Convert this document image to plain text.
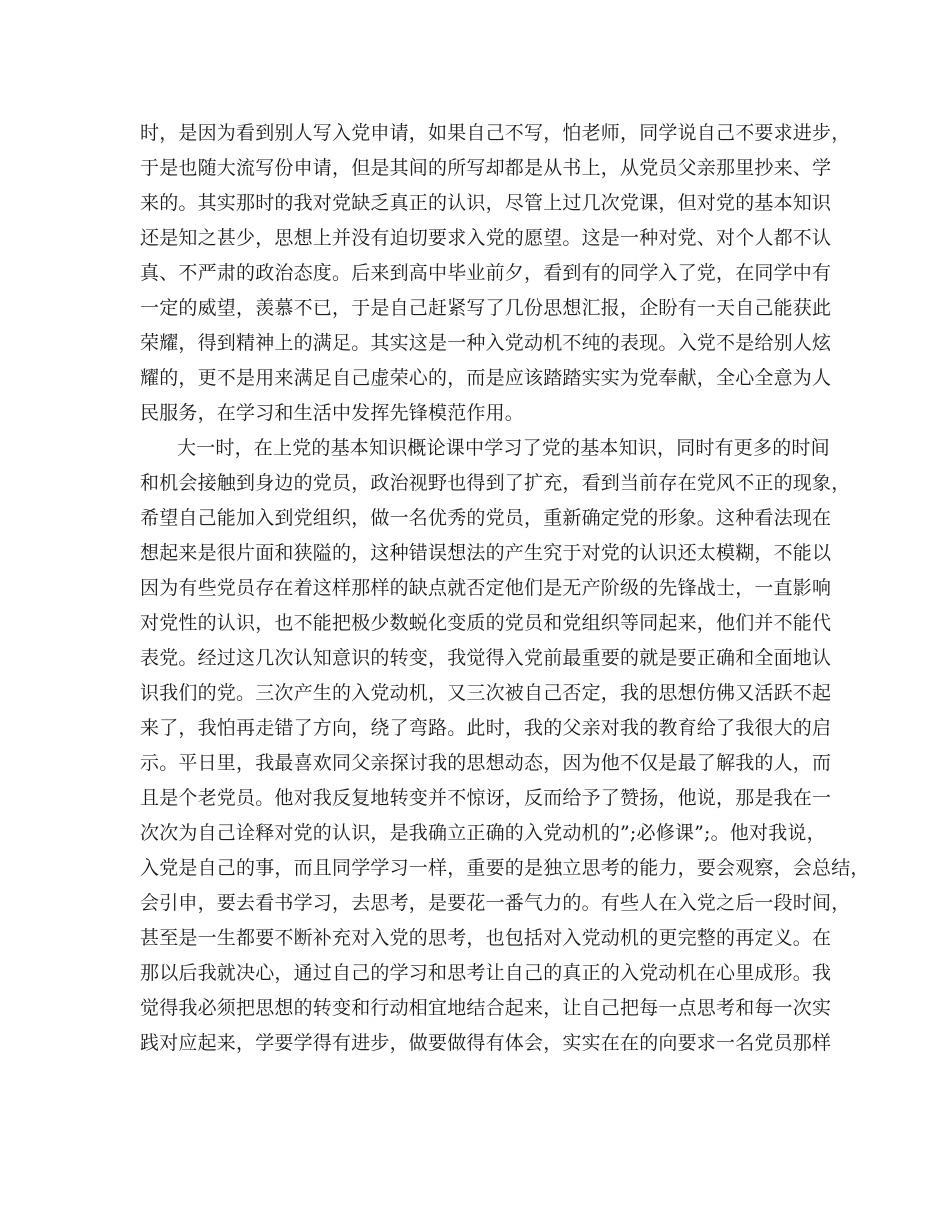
时，是因为看到别人写入党申请，如果自己不写，怕老师，同学说自己不要求进步，
于是也随大流写份申请，但是其间的所写却都是从书上，从党员父亲那里抄来、学
来的。其实那时的我对党缺乏真正的认识，尽管上过几次党课，但对党的基本知识
还是知之甚少，思想上并没有迫切要求入党的愿望。这是一种对党、对个人都不认
真、不严肃的政治态度。后来到高中毕业前夕，看到有的同学入了党，在同学中有
一定的威望，羡慕不已，于是自己赶紧写了几份思想汇报，企盼有一天自己能获此
荣耀，得到精神上的满足。其实这是一种入党动机不纯的表现。入党不是给别人炫
耀的，更不是用来满足自己虚荣心的，而是应该踏踏实实为党奉献，全心全意为人
民服务，在学习和生活中发挥先锋模范作用。
大一时，在上党的基本知识概论课中学习了党的基本知识，同时有更多的时间
和机会接触到身边的党员，政治视野也得到了扩充，看到当前存在党风不正的现象，
希望自己能加入到党组织，做一名优秀的党员，重新确定党的形象。这种看法现在
想起来是很片面和狭隘的，这种错误想法的产生究于对党的认识还太模糊，不能以
因为有些党员存在着这样那样的缺点就否定他们是无产阶级的先锋战士，一直影响
对党性的认识，也不能把极少数蜕化变质的党员和党组织等同起来，他们并不能代
表党。经过这几次认知意识的转变，我觉得入党前最重要的就是要正确和全面地认
识我们的党。三次产生的入党动机，又三次被自己否定，我的思想仿佛又活跃不起
来了，我怕再走错了方向，绕了弯路。此时，我的父亲对我的教育给了我很大的启
示。平日里，我最喜欢同父亲探讨我的思想动态，因为他不仅是最了解我的人，而
且是个老党员。他对我反复地转变并不惊讶，反而给予了赞扬，他说，那是我在一
次次为自己诠释对党的认识，是我确立正确的入党动机的”;必修课”;。他对我说，
入党是自己的事，而且同学学习一样，重要的是独立思考的能力，要会观察，会总结，
会引申，要去看书学习，去思考，是要花一番气力的。有些人在入党之后一段时间，
甚至是一生都要不断补充对入党的思考，也包括对入党动机的更完整的再定义。在
那以后我就决心，通过自己的学习和思考让自己的真正的入党动机在心里成形。我
觉得我必须把思想的转变和行动相宜地结合起来，让自己把每一点思考和每一次实
践对应起来，学要学得有进步，做要做得有体会，实实在在的向要求一名党员那样
